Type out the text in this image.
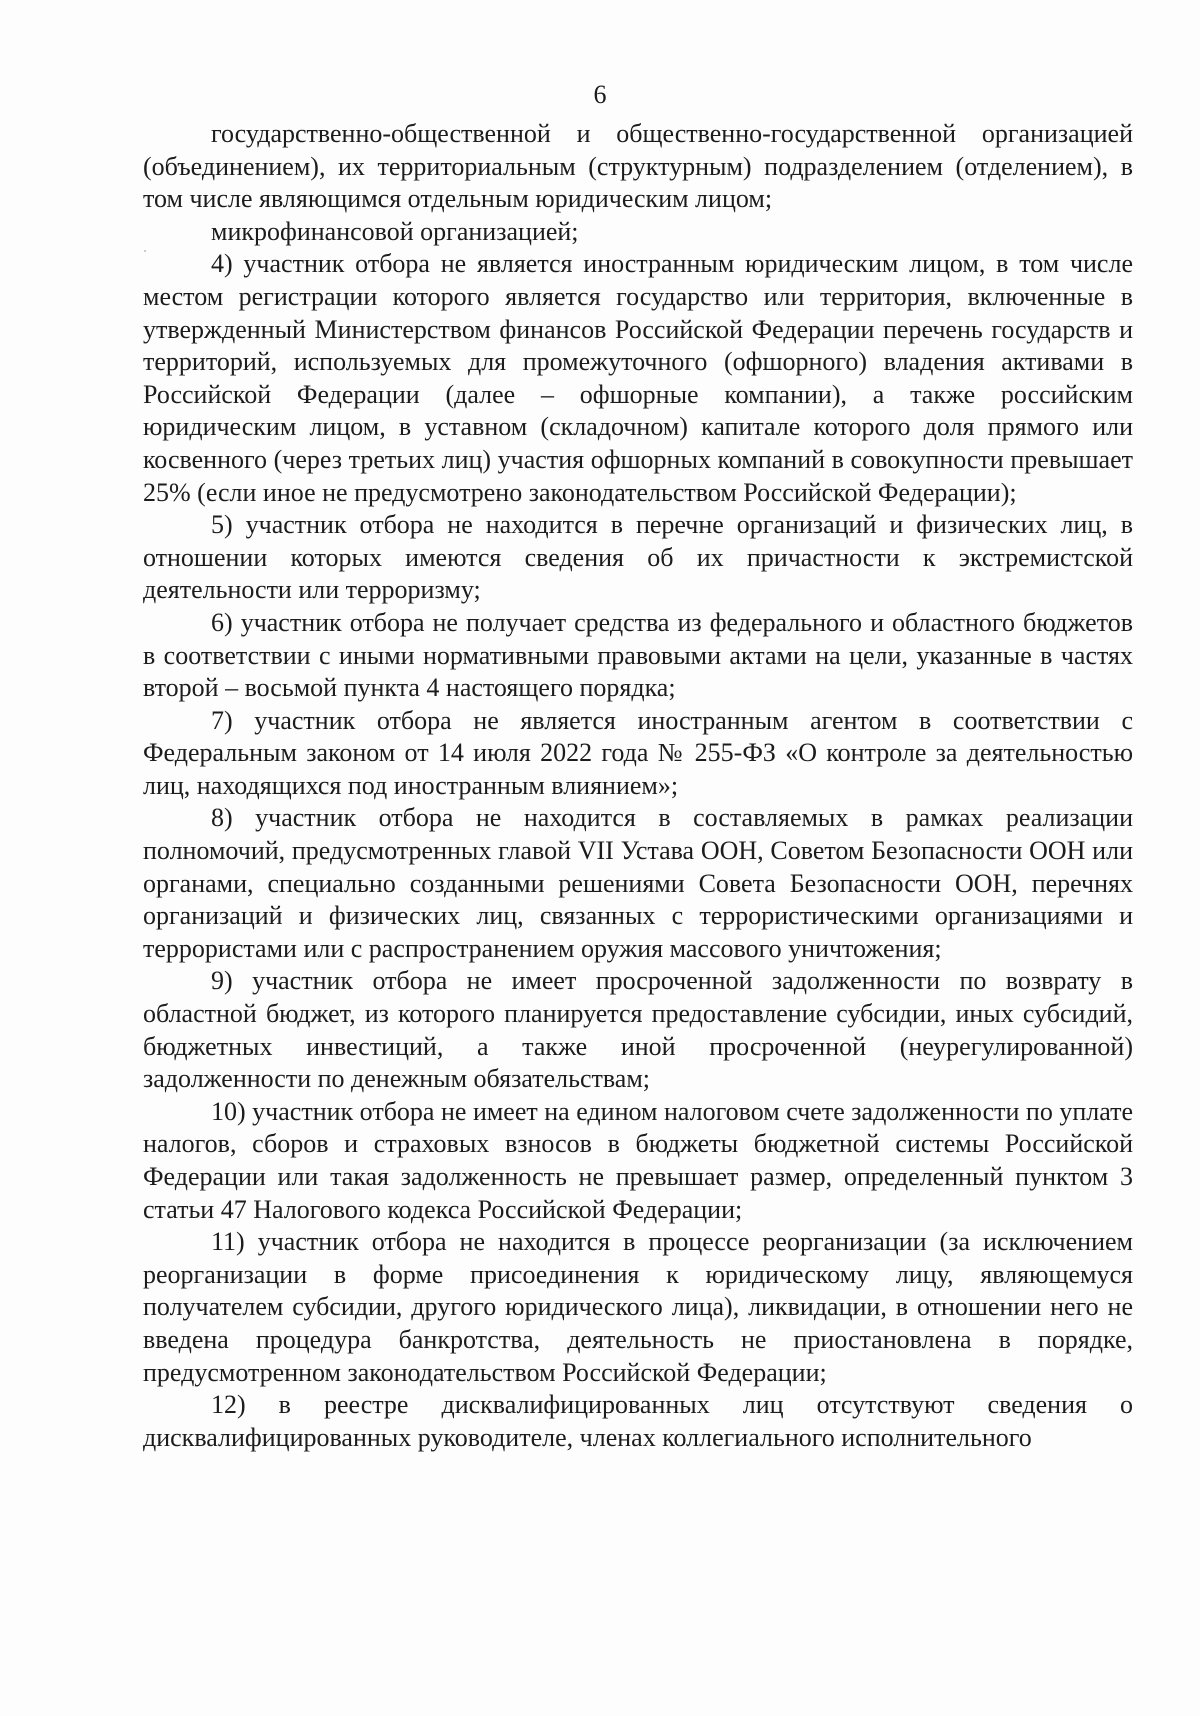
6

государственно-общественной и общественно-государственной организацией (объединением), их территориальным (структурным) подразделением (отделением), в том числе являющимся отдельным юридическим лицом;

микрофинансовой организацией;

4) участник отбора не является иностранным юридическим лицом, в том числе местом регистрации которого является государство или территория, включенные в утвержденный Министерством финансов Российской Федерации перечень государств и территорий, используемых для промежуточного (офшорного) владения активами в Российской Федерации (далее – офшорные компании), а также российским юридическим лицом, в уставном (складочном) капитале которого доля прямого или косвенного (через третьих лиц) участия офшорных компаний в совокупности превышает 25% (если иное не предусмотрено законодательством Российской Федерации);

5) участник отбора не находится в перечне организаций и физических лиц, в отношении которых имеются сведения об их причастности к экстремистской деятельности или терроризму;

6) участник отбора не получает средства из федерального и областного бюджетов в соответствии с иными нормативными правовыми актами на цели, указанные в частях второй – восьмой пункта 4 настоящего порядка;

7) участник отбора не является иностранным агентом в соответствии с Федеральным законом от 14 июля 2022 года № 255-ФЗ «О контроле за деятельностью лиц, находящихся под иностранным влиянием»;

8) участник отбора не находится в составляемых в рамках реализации полномочий, предусмотренных главой VII Устава ООН, Советом Безопасности ООН или органами, специально созданными решениями Совета Безопасности ООН, перечнях организаций и физических лиц, связанных с террористическими организациями и террористами или с распространением оружия массового уничтожения;

9) участник отбора не имеет просроченной задолженности по возврату в областной бюджет, из которого планируется предоставление субсидии, иных субсидий, бюджетных инвестиций, а также иной просроченной (неурегулированной) задолженности по денежным обязательствам;

10) участник отбора не имеет на едином налоговом счете задолженности по уплате налогов, сборов и страховых взносов в бюджеты бюджетной системы Российской Федерации или такая задолженность не превышает размер, определенный пунктом 3 статьи 47 Налогового кодекса Российской Федерации;

11) участник отбора не находится в процессе реорганизации (за исключением реорганизации в форме присоединения к юридическому лицу, являющемуся получателем субсидии, другого юридического лица), ликвидации, в отношении него не введена процедура банкротства, деятельность не приостановлена в порядке, предусмотренном законодательством Российской Федерации;

12) в реестре дисквалифицированных лиц отсутствуют сведения о дисквалифицированных руководителе, членах коллегиального исполнительного
